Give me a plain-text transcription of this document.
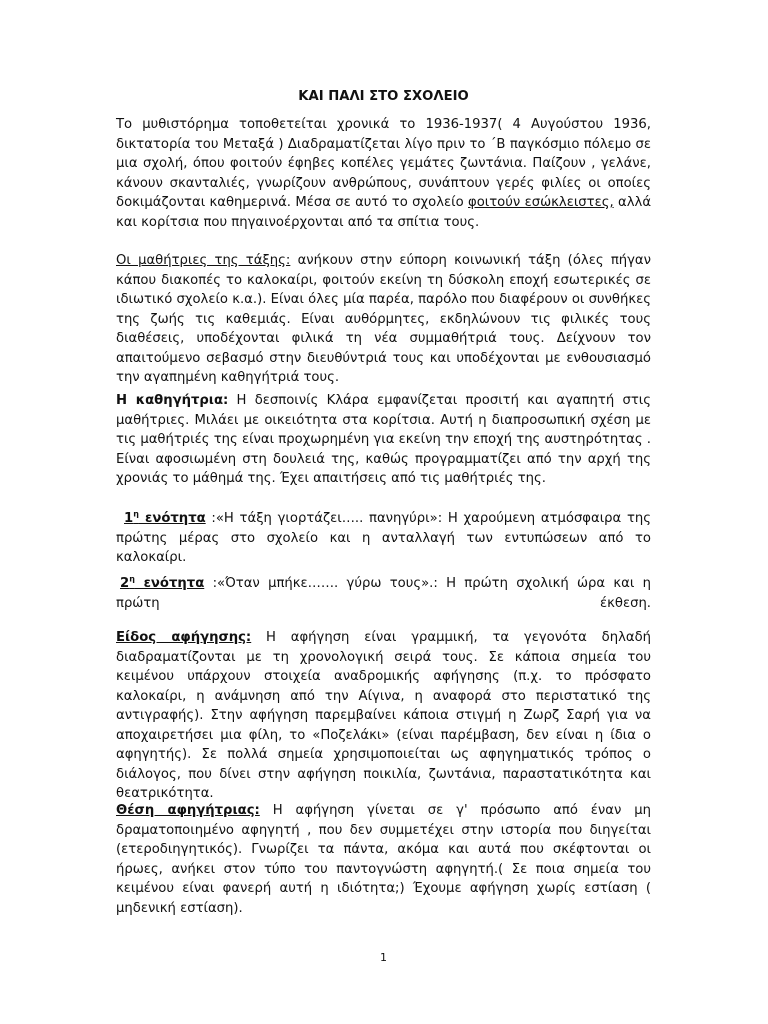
ΚΑΙ ΠΑΛΙ ΣΤΟ ΣΧΟΛΕΙΟ

Το μυθιστόρημα τοποθετείται χρονικά το 1936-1937( 4 Αυγούστου 1936, δικτατορία του Μεταξά ) Διαδραματίζεται λίγο πριν το ΄Β παγκόσμιο πόλεμο σε μια σχολή, όπου φοιτούν έφηβες κοπέλες γεμάτες ζωντάνια. Παίζουν , γελάνε, κάνουν σκανταλιές, γνωρίζουν ανθρώπους, συνάπτουν γερές φιλίες οι οποίες δοκιμάζονται καθημερινά. Μέσα σε αυτό το σχολείο φοιτούν εσώκλειστες, αλλά και κορίτσια που πηγαινοέρχονται από τα σπίτια τους.

Οι μαθήτριες της τάξης: ανήκουν στην εύπορη κοινωνική τάξη (όλες πήγαν κάπου διακοπές το καλοκαίρι, φοιτούν εκείνη τη δύσκολη εποχή εσωτερικές σε ιδιωτικό σχολείο κ.α.). Είναι όλες μία παρέα, παρόλο που διαφέρουν οι συνθήκες της ζωής τις καθεμιάς. Είναι αυθόρμητες, εκδηλώνουν τις φιλικές τους διαθέσεις, υποδέχονται φιλικά τη νέα συμμαθήτριά τους. Δείχνουν τον απαιτούμενο σεβασμό στην διευθύντριά τους και υποδέχονται με ενθουσιασμό την αγαπημένη καθηγήτριά τους.

Η καθηγήτρια: Η δεσποινίς Κλάρα εμφανίζεται προσιτή και αγαπητή στις μαθήτριες. Μιλάει με οικειότητα στα κορίτσια. Αυτή η διαπροσωπική σχέση με τις μαθήτριές της είναι προχωρημένη για εκείνη την εποχή της αυστηρότητας . Είναι αφοσιωμένη στη δουλειά της, καθώς προγραμματίζει από την αρχή της χρονιάς το μάθημά της. Έχει απαιτήσεις από τις μαθήτριές της.

$1^\eta$ ενότητα :«Η τάξη γιορτάζει….. πανηγύρι»: Η χαρούμενη ατμόσφαιρα της πρώτης μέρας στο σχολείο και η ανταλλαγή των εντυπώσεων από το καλοκαίρι.

$2^\eta$ ενότητα :«Όταν μπήκε……. γύρω τους».: Η πρώτη σχολική ώρα και η πρώτη έκθεση.

Είδος αφήγησης: Η αφήγηση είναι γραμμική, τα γεγονότα δηλαδή διαδραματίζονται με τη χρονολογική σειρά τους. Σε κάποια σημεία του κειμένου υπάρχουν στοιχεία αναδρομικής αφήγησης (π.χ. το πρόσφατο καλοκαίρι, η ανάμνηση από την Αίγινα, η αναφορά στο περιστατικό της αντιγραφής). Στην αφήγηση παρεμβαίνει κάποια στιγμή η Ζωρζ Σαρή για να αποχαιρετήσει μια φίλη, το «Ποζελάκι» (είναι παρέμβαση, δεν είναι η ίδια ο αφηγητής). Σε πολλά σημεία χρησιμοποιείται ως αφηγηματικός τρόπος ο διάλογος, που δίνει στην αφήγηση ποικιλία, ζωντάνια, παραστατικότητα και θεατρικότητα.

Θέση αφηγήτριας: Η αφήγηση γίνεται σε γ' πρόσωπο από έναν μη δραματοποιημένο αφηγητή , που δεν συμμετέχει στην ιστορία που διηγείται (ετεροδιηγητικός). Γνωρίζει τα πάντα, ακόμα και αυτά που σκέφτονται οι ήρωες, ανήκει στον τύπο του παντογνώστη αφηγητή.( Σε ποια σημεία του κειμένου είναι φανερή αυτή η ιδιότητα;) Έχουμε αφήγηση χωρίς εστίαση ( μηδενική εστίαση).

1
